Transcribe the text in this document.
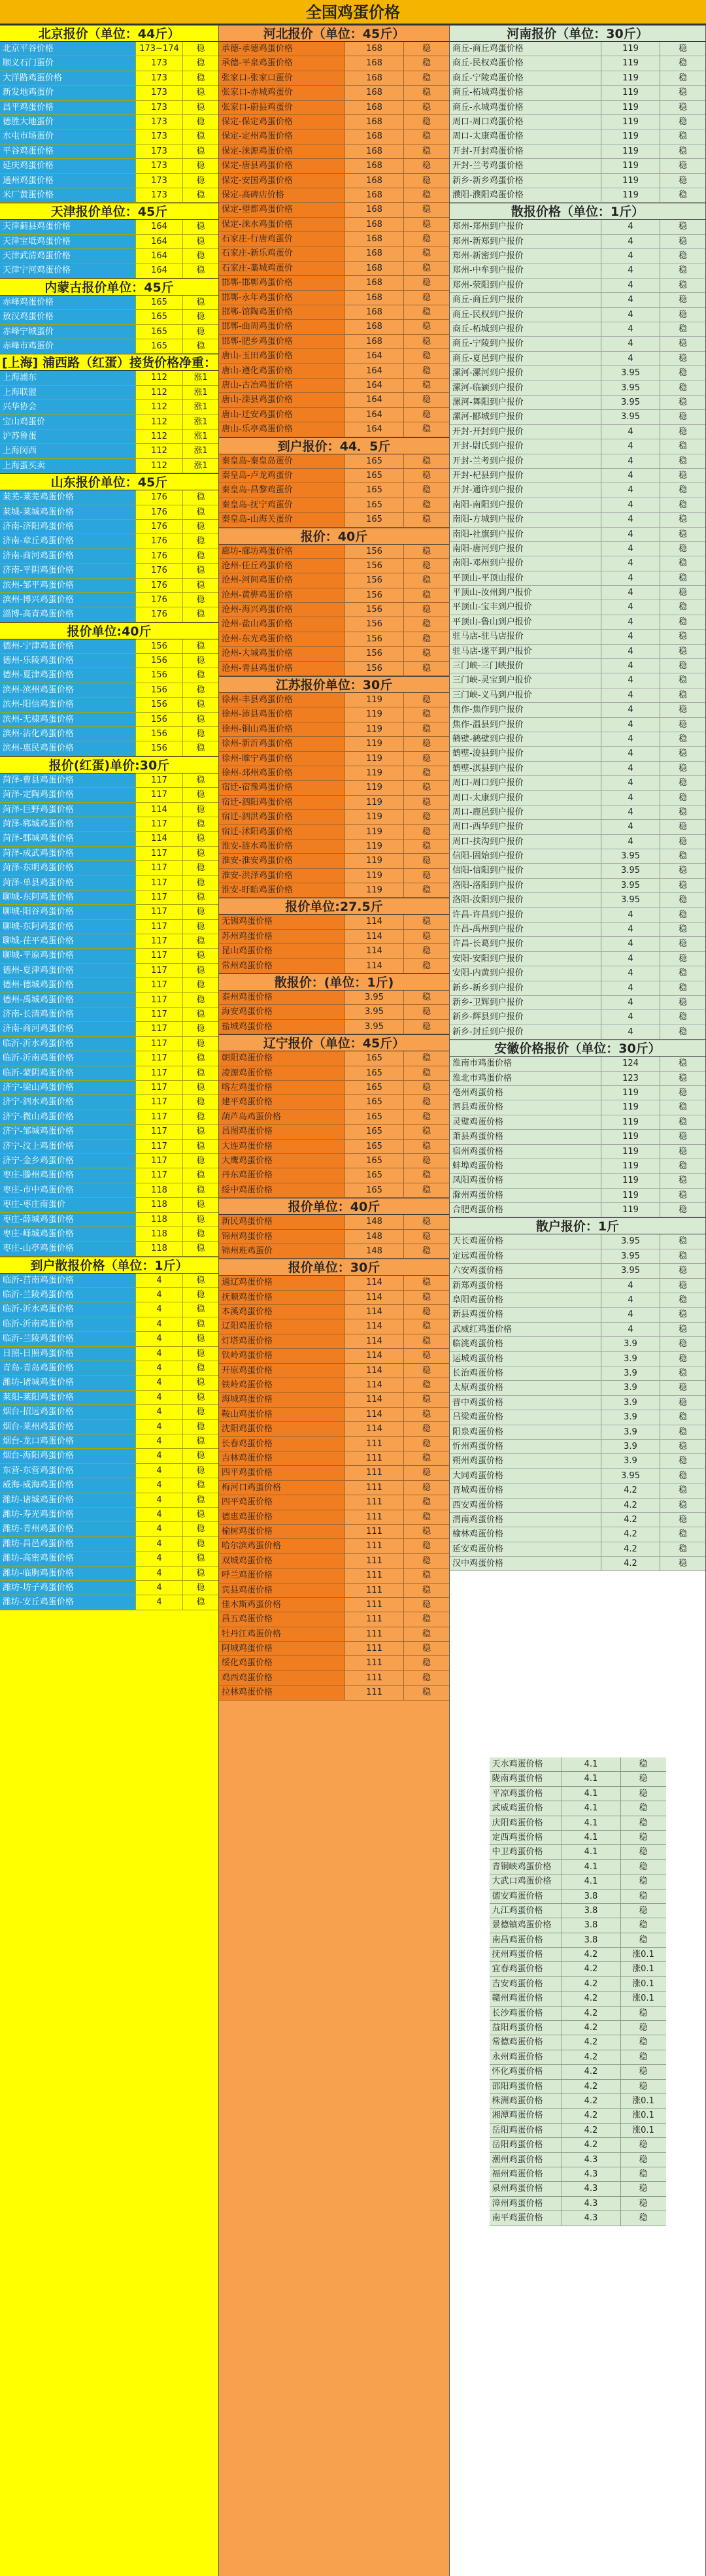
全国鸡蛋价格
北京报价（单位：44斤）
北京平谷价格	173~174	稳
顺义石门蛋价	173	稳
大洋路鸡蛋价格	173	稳
新发地鸡蛋价	173	稳
昌平鸡蛋价格	173	稳
德胜大地蛋价	173	稳
水屯市场蛋价	173	稳
平谷鸡蛋价格	173	稳
延庆鸡蛋价格	173	稳
通州鸡蛋价格	173	稳
米厂黄蛋价格	173	稳
天津报价单位：45斤
天津蓟县鸡蛋价格	164	稳
天津宝坻鸡蛋价格	164	稳
天津武清鸡蛋价格	164	稳
天津宁河鸡蛋价格	164	稳
内蒙古报价单位：45斤
赤峰鸡蛋价格	165	稳
敖汉鸡蛋价格	165	稳
赤峰宁城蛋价	165	稳
赤峰市鸡蛋价	165	稳
[上海] 浦西路（红蛋）接货价格净重：
上海浦东	112	涨1
上海联盟	112	涨1
兴华协会	112	涨1
宝山鸡蛋价	112	涨1
沪苏鲁蛋	112	涨1
上海闵西	112	涨1
上海蛋买卖	112	涨1
山东报价单位：45斤
莱芜-莱芜鸡蛋价格	176	稳
莱城-莱城鸡蛋价格	176	稳
济南-济阳鸡蛋价格	176	稳
济南-章丘鸡蛋价格	176	稳
济南-商河鸡蛋价格	176	稳
济南-平阴鸡蛋价格	176	稳
滨州-邹平鸡蛋价格	176	稳
滨州-博兴鸡蛋价格	176	稳
淄博-高青鸡蛋价格	176	稳
报价单位:40斤
德州-宁津鸡蛋价格	156	稳
德州-乐陵鸡蛋价格	156	稳
德州-夏津鸡蛋价格	156	稳
滨州-滨州鸡蛋价格	156	稳
滨州-阳信鸡蛋价格	156	稳
滨州-无棣鸡蛋价格	156	稳
滨州-沾化鸡蛋价格	156	稳
滨州-惠民鸡蛋价格	156	稳
报价(红蛋)单价:30斤
菏泽-曹县鸡蛋价格	117	稳
菏泽-定陶鸡蛋价格	117	稳
菏泽-巨野鸡蛋价格	114	稳
菏泽-郓城鸡蛋价格	117	稳
菏泽-鄄城鸡蛋价格	114	稳
菏泽-成武鸡蛋价格	117	稳
菏泽-东明鸡蛋价格	117	稳
菏泽-单县鸡蛋价格	117	稳
聊城-东阿鸡蛋价格	117	稳
聊城-阳谷鸡蛋价格	117	稳
聊城-东阿鸡蛋价格	117	稳
聊城-茌平鸡蛋价格	117	稳
聊城-平原鸡蛋价格	117	稳
德州-夏津鸡蛋价格	117	稳
德州-德城鸡蛋价格	117	稳
德州-禹城鸡蛋价格	117	稳
济南-长清鸡蛋价格	117	稳
济南-商河鸡蛋价格	117	稳
临沂-沂水鸡蛋价格	117	稳
临沂-沂南鸡蛋价格	117	稳
临沂-蒙阴鸡蛋价格	117	稳
济宁-梁山鸡蛋价格	117	稳
济宁-泗水鸡蛋价格	117	稳
济宁-微山鸡蛋价格	117	稳
济宁-邹城鸡蛋价格	117	稳
济宁-汶上鸡蛋价格	117	稳
济宁-金乡鸡蛋价格	117	稳
枣庄-滕州鸡蛋价格	117	稳
枣庄-市中鸡蛋价格	118	稳
枣庄-枣庄南蛋价	118	稳
枣庄-薛城鸡蛋价格	118	稳
枣庄-峄城鸡蛋价格	118	稳
枣庄-山亭鸡蛋价格	118	稳
到户散报价格（单位：1斤）
临沂-莒南鸡蛋价格	4	稳
临沂-兰陵鸡蛋价格	4	稳
临沂-沂水鸡蛋价格	4	稳
临沂-沂南鸡蛋价格	4	稳
临沂-兰陵鸡蛋价格	4	稳
日照-日照鸡蛋价格	4	稳
青岛-青岛鸡蛋价格	4	稳
潍坊-诸城鸡蛋价格	4	稳
莱阳-莱阳鸡蛋价格	4	稳
烟台-招远鸡蛋价格	4	稳
烟台-莱州鸡蛋价格	4	稳
烟台-龙口鸡蛋价格	4	稳
烟台-海阳鸡蛋价格	4	稳
东营-东营鸡蛋价格	4	稳
威海-威海鸡蛋价格	4	稳
潍坊-诸城鸡蛋价格	4	稳
潍坊-寿光鸡蛋价格	4	稳
潍坊-青州鸡蛋价格	4	稳
潍坊-昌邑鸡蛋价格	4	稳
潍坊-高密鸡蛋价格	4	稳
潍坊-临朐鸡蛋价格	4	稳
潍坊-坊子鸡蛋价格	4	稳
潍坊-安丘鸡蛋价格	4	稳
河北报价（单位：45斤）
承德-承德鸡蛋价格	168	稳
承德-平泉鸡蛋价格	168	稳
张家口-张家口蛋价	168	稳
张家口-赤城鸡蛋价	168	稳
张家口-蔚县鸡蛋价	168	稳
保定-保定鸡蛋价格	168	稳
保定-定州鸡蛋价格	168	稳
保定-涞源鸡蛋价格	168	稳
保定-唐县鸡蛋价格	168	稳
保定-安国鸡蛋价格	168	稳
保定-高碑店价格	168	稳
保定-望都鸡蛋价格	168	稳
保定-涞水鸡蛋价格	168	稳
石家庄-行唐鸡蛋价	168	稳
石家庄-新乐鸡蛋价	168	稳
石家庄-藁城鸡蛋价	168	稳
邯郸-邯郸鸡蛋价格	168	稳
邯郸-永年鸡蛋价格	168	稳
邯郸-馆陶鸡蛋价格	168	稳
邯郸-曲周鸡蛋价格	168	稳
邯郸-肥乡鸡蛋价格	168	稳
唐山-玉田鸡蛋价格	164	稳
唐山-遵化鸡蛋价格	164	稳
唐山-古冶鸡蛋价格	164	稳
唐山-滦县鸡蛋价格	164	稳
唐山-迁安鸡蛋价格	164	稳
唐山-乐亭鸡蛋价格	164	稳
到户报价：44．5斤
秦皇岛-秦皇岛蛋价	165	稳
秦皇岛-卢龙鸡蛋价	165	稳
秦皇岛-昌黎鸡蛋价	165	稳
秦皇岛-抚宁鸡蛋价	165	稳
秦皇岛-山海关蛋价	165	稳
报价：40斤
廊坊-廊坊鸡蛋价格	156	稳
沧州-任丘鸡蛋价格	156	稳
沧州-河间鸡蛋价格	156	稳
沧州-黄骅鸡蛋价格	156	稳
沧州-海兴鸡蛋价格	156	稳
沧州-盐山鸡蛋价格	156	稳
沧州-东光鸡蛋价格	156	稳
沧州-大城鸡蛋价格	156	稳
沧州-青县鸡蛋价格	156	稳
江苏报价单位：30斤
徐州-丰县鸡蛋价格	119	稳
徐州-沛县鸡蛋价格	119	稳
徐州-铜山鸡蛋价格	119	稳
徐州-新沂鸡蛋价格	119	稳
徐州-睢宁鸡蛋价格	119	稳
徐州-邳州鸡蛋价格	119	稳
宿迁-宿豫鸡蛋价格	119	稳
宿迁-泗阳鸡蛋价格	119	稳
宿迁-泗洪鸡蛋价格	119	稳
宿迁-沭阳鸡蛋价格	119	稳
淮安-涟水鸡蛋价格	119	稳
淮安-淮安鸡蛋价格	119	稳
淮安-洪泽鸡蛋价格	119	稳
淮安-盱眙鸡蛋价格	119	稳
报价单位:27.5斤
无锡鸡蛋价格	114	稳
苏州鸡蛋价格	114	稳
昆山鸡蛋价格	114	稳
常州鸡蛋价格	114	稳
散报价：(单位：1斤)
泰州鸡蛋价格	3.95	稳
海安鸡蛋价格	3.95	稳
盐城鸡蛋价格	3.95	稳
辽宁报价（单位：45斤）
朝阳鸡蛋价格	165	稳
凌源鸡蛋价格	165	稳
喀左鸡蛋价格	165	稳
建平鸡蛋价格	165	稳
葫芦岛鸡蛋价格	165	稳
昌图鸡蛋价格	165	稳
大连鸡蛋价格	165	稳
大鹰鸡蛋价格	165	稳
丹东鸡蛋价格	165	稳
绥中鸡蛋价格	165	稳
报价单位：40斤
新民鸡蛋价格	148	稳
锦州鸡蛋价格	148	稳
锦州班鸡蛋价	148	稳
报价单位：30斤
通辽鸡蛋价格	114	稳
抚顺鸡蛋价格	114	稳
本溪鸡蛋价格	114	稳
辽阳鸡蛋价格	114	稳
灯塔鸡蛋价格	114	稳
铁岭鸡蛋价格	114	稳
开原鸡蛋价格	114	稳
铁岭鸡蛋价格	114	稳
海城鸡蛋价格	114	稳
鞍山鸡蛋价格	114	稳
沈阳鸡蛋价格	114	稳
长春鸡蛋价格	111	稳
吉林鸡蛋价格	111	稳
四平鸡蛋价格	111	稳
梅河口鸡蛋价格	111	稳
四平鸡蛋价格	111	稳
德惠鸡蛋价格	111	稳
榆树鸡蛋价格	111	稳
哈尔滨鸡蛋价格	111	稳
双城鸡蛋价格	111	稳
呼兰鸡蛋价格	111	稳
宾县鸡蛋价格	111	稳
佳木斯鸡蛋价格	111	稳
昌五鸡蛋价格	111	稳
牡丹江鸡蛋价格	111	稳
阿城鸡蛋价格	111	稳
绥化鸡蛋价格	111	稳
鸡西鸡蛋价格	111	稳
拉林鸡蛋价格	111	稳
河南报价（单位：30斤）
商丘-商丘鸡蛋价格	119	稳
商丘-民权鸡蛋价格	119	稳
商丘-宁陵鸡蛋价格	119	稳
商丘-柘城鸡蛋价格	119	稳
商丘-永城鸡蛋价格	119	稳
周口-周口鸡蛋价格	119	稳
周口-太康鸡蛋价格	119	稳
开封-开封鸡蛋价格	119	稳
开封-兰考鸡蛋价格	119	稳
新乡-新乡鸡蛋价格	119	稳
濮阳-濮阳鸡蛋价格	119	稳
散报价格（单位：1斤）
郑州-郑州到户报价	4	稳
郑州-新郑到户报价	4	稳
郑州-新密到户报价	4	稳
郑州-中牟到户报价	4	稳
郑州-荥阳到户报价	4	稳
商丘-商丘到户报价	4	稳
商丘-民权到户报价	4	稳
商丘-柘城到户报价	4	稳
商丘-宁陵到户报价	4	稳
商丘-夏邑到户报价	4	稳
漯河-漯河到户报价	3.95	稳
漯河-临颍到户报价	3.95	稳
漯河-舞阳到户报价	3.95	稳
漯河-郾城到户报价	3.95	稳
开封-开封到户报价	4	稳
开封-尉氏到户报价	4	稳
开封-兰考到户报价	4	稳
开封-杞县到户报价	4	稳
开封-通许到户报价	4	稳
南阳-南阳到户报价	4	稳
南阳-方城到户报价	4	稳
南阳-社旗到户报价	4	稳
南阳-唐河到户报价	4	稳
南阳-邓州到户报价	4	稳
平顶山-平顶山报价	4	稳
平顶山-汝州到户报价	4	稳
平顶山-宝丰到户报价	4	稳
平顶山-鲁山到户报价	4	稳
驻马店-驻马店报价	4	稳
驻马店-遂平到户报价	4	稳
三门峡-三门峡报价	4	稳
三门峡-灵宝到户报价	4	稳
三门峡-义马到户报价	4	稳
焦作-焦作到户报价	4	稳
焦作-温县到户报价	4	稳
鹤壁-鹤壁到户报价	4	稳
鹤壁-浚县到户报价	4	稳
鹤壁-淇县到户报价	4	稳
周口-周口到户报价	4	稳
周口-太康到户报价	4	稳
周口-鹿邑到户报价	4	稳
周口-西华到户报价	4	稳
周口-扶沟到户报价	4	稳
信阳-固始到户报价	3.95	稳
信阳-信阳到户报价	3.95	稳
洛阳-洛阳到户报价	3.95	稳
洛阳-汝阳到户报价	3.95	稳
许昌-许昌到户报价	4	稳
许昌-禹州到户报价	4	稳
许昌-长葛到户报价	4	稳
安阳-安阳到户报价	4	稳
安阳-内黄到户报价	4	稳
新乡-新乡到户报价	4	稳
新乡-卫辉到户报价	4	稳
新乡-辉县到户报价	4	稳
新乡-封丘到户报价	4	稳
安徽价格报价（单位：30斤）
淮南市鸡蛋价格	124	稳
淮北市鸡蛋价格	123	稳
亳州鸡蛋价格	119	稳
泗县鸡蛋价格	119	稳
灵璧鸡蛋价格	119	稳
萧县鸡蛋价格	119	稳
宿州鸡蛋价格	119	稳
蚌埠鸡蛋价格	119	稳
凤阳鸡蛋价格	119	稳
滁州鸡蛋价格	119	稳
合肥鸡蛋价格	119	稳
散户报价：1斤
天长鸡蛋价格	3.95	稳
定远鸡蛋价格	3.95	稳
六安鸡蛋价格	3.95	稳
新郑鸡蛋价格	4	稳
阜阳鸡蛋价格	4	稳
新县鸡蛋价格	4	稳
武威红鸡蛋价格	4	稳
临洮鸡蛋价格	3.9	稳
运城鸡蛋价格	3.9	稳
长治鸡蛋价格	3.9	稳
太原鸡蛋价格	3.9	稳
晋中鸡蛋价格	3.9	稳
吕梁鸡蛋价格	3.9	稳
阳泉鸡蛋价格	3.9	稳
忻州鸡蛋价格	3.9	稳
朔州鸡蛋价格	3.9	稳
大同鸡蛋价格	3.95	稳
晋城鸡蛋价格	4.2	稳
西安鸡蛋价格	4.2	稳
渭南鸡蛋价格	4.2	稳
榆林鸡蛋价格	4.2	稳
延安鸡蛋价格	4.2	稳
汉中鸡蛋价格	4.2	稳
天水鸡蛋价格	4.1	稳
陇南鸡蛋价格	4.1	稳
平凉鸡蛋价格	4.1	稳
武威鸡蛋价格	4.1	稳
庆阳鸡蛋价格	4.1	稳
定西鸡蛋价格	4.1	稳
中卫鸡蛋价格	4.1	稳
青铜峡鸡蛋价格	4.1	稳
大武口鸡蛋价格	4.1	稳
德安鸡蛋价格	3.8	稳
九江鸡蛋价格	3.8	稳
景德镇鸡蛋价格	3.8	稳
南昌鸡蛋价格	3.8	稳
抚州鸡蛋价格	4.2	涨0.1
宜春鸡蛋价格	4.2	涨0.1
吉安鸡蛋价格	4.2	涨0.1
赣州鸡蛋价格	4.2	涨0.1
长沙鸡蛋价格	4.2	稳
益阳鸡蛋价格	4.2	稳
常德鸡蛋价格	4.2	稳
永州鸡蛋价格	4.2	稳
怀化鸡蛋价格	4.2	稳
邵阳鸡蛋价格	4.2	稳
株洲鸡蛋价格	4.2	涨0.1
湘潭鸡蛋价格	4.2	涨0.1
岳阳鸡蛋价格	4.2	涨0.1
岳阳鸡蛋价格	4.2	稳
潮州鸡蛋价格	4.3	稳
福州鸡蛋价格	4.3	稳
泉州鸡蛋价格	4.3	稳
漳州鸡蛋价格	4.3	稳
南平鸡蛋价格	4.3	稳
